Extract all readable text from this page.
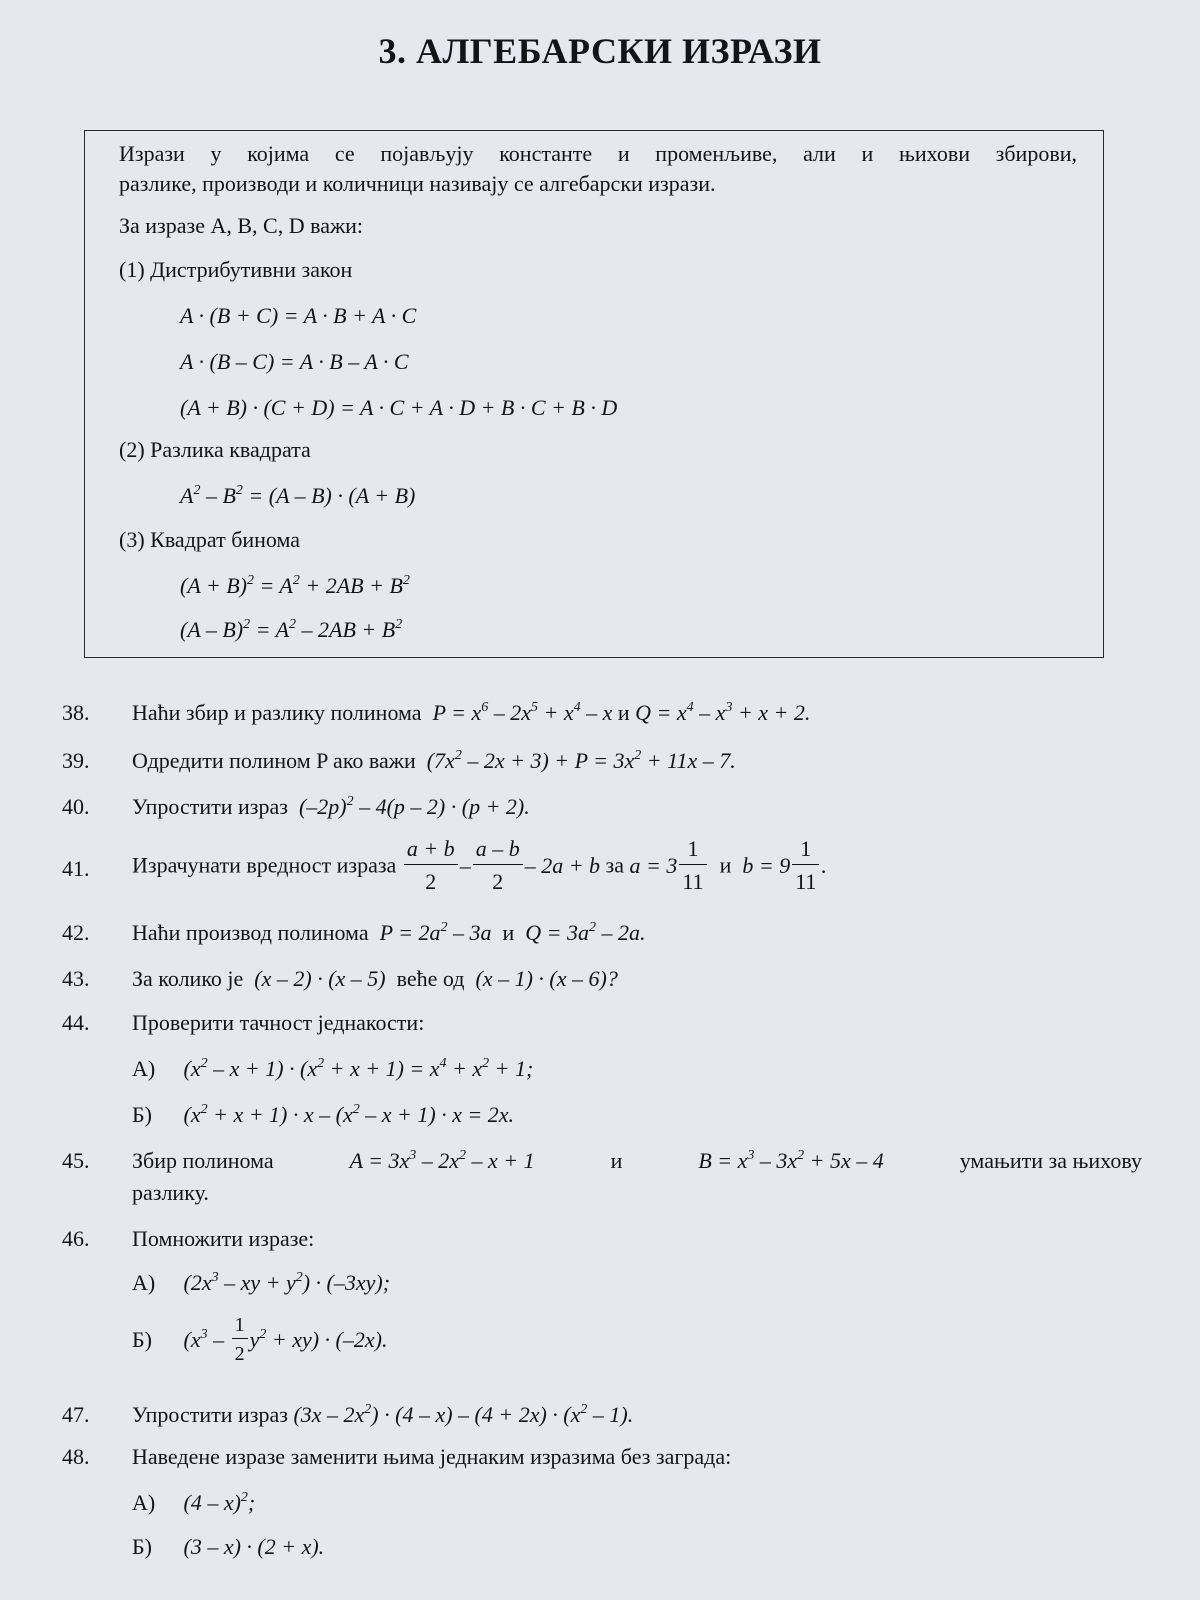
3. АЛГЕБАРСКИ ИЗРАЗИ
Изрази у којима се појављују константе и променљиве, али и њихови збирови,
разлике, производи и количници називају се алгебарски изрази.
За изразе A, B, C, D важи:
(1) Дистрибутивни закон
A · (B + C) = A · B + A · C
A · (B – C) = A · B – A · C
(A + B) · (C + D) = A · C + A · D + B · C + B · D
(2) Разлика квадрата
$A^2 - B^2 = (A - B) \cdot (A + B)$
(3) Квадрат бинома
$(A + B)^2 = A^2 + 2AB + B^2$
$(A - B)^2 = A^2 - 2AB + B^2$
38.	Наћи збир и разлику полинома $P = x^6 - 2x^5 + x^4 - x$ и $Q = x^4 - x^3 + x + 2$.
39.	Одредити полином P ако важи $(7x^2 - 2x + 3) + P = 3x^2 + 11x - 7$.
40.	Упростити израз $(-2p)^2 - 4(p - 2) \cdot (p + 2)$.
41.	Израчунати вредност израза $\frac{a + b}{2} - \frac{a - b}{2} - 2a + b$ за $a = 3 \frac{1}{11}$ и $b = 9 \frac{1}{11}$ .
42.	Наћи производ полинома $P = 2a^2 - 3a$ и $Q = 3a^2 - 2a$.
43.	За колико је (x – 2) · (x – 5) веће од (x – 1) · (x – 6)?
44.	Проверити тачност једнакости:
А) $(x^2 - x + 1) \cdot (x^2 + x + 1) = x^4 + x^2 + 1$;
Б) $(x^2 + x + 1) \cdot x - (x^2 - x + 1) \cdot x = 2x$.
45.	Збир полинома	$A = 3x^3 - 2x^2 - x + 1$	и	$B = x^3 - 3x^2 + 5x - 4$	умањити за њихову
разлику.
46.	Помножити изразе:
А) ($2x^3$ – xy + $y^2) \cdot (-3xy)$;
Б) $(x^3 - \frac{1}{2} y^2 + xy) \cdot (-2x)$.
47.	Упростити израз $(3x - 2x^2) \cdot (4 - x) - (4 + 2x) \cdot (x^2 - 1)$.
48.	Наведене изразе заменити њима једнаким изразима без заграда:
А) (4 – x)$^2$;
Б) (3 – x) · (2 + x).
